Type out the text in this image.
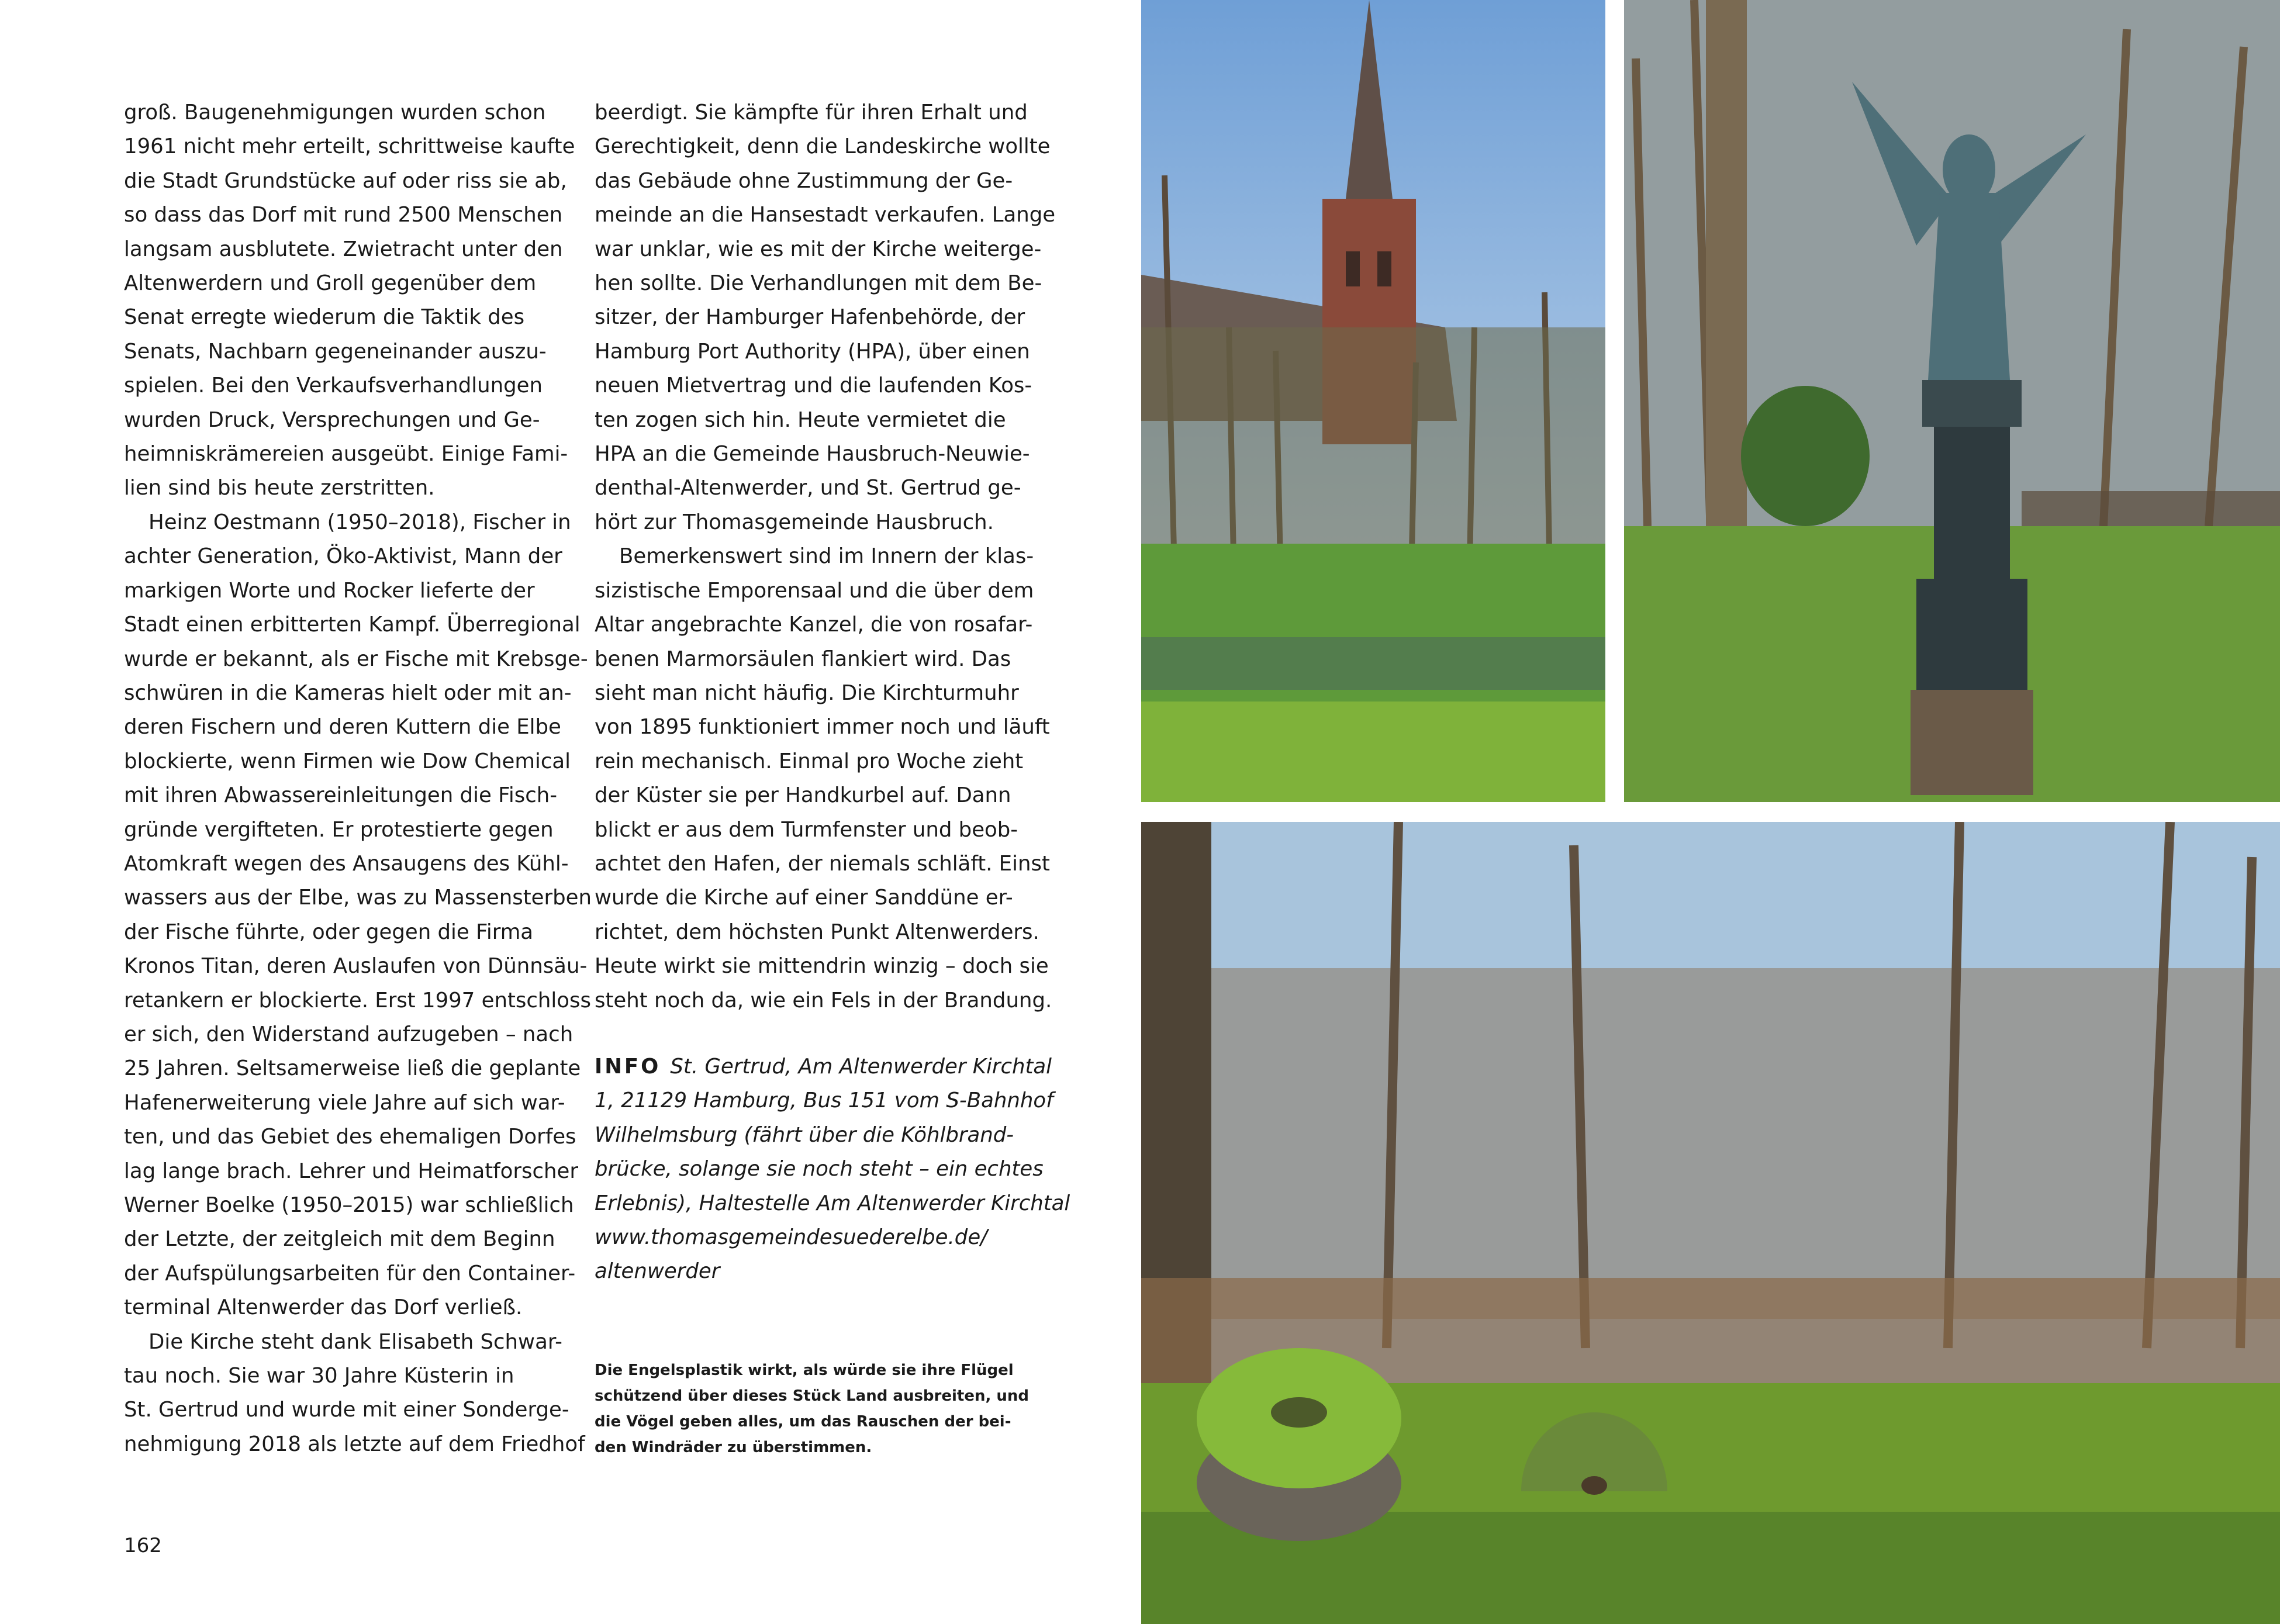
groß. Baugenehmigungen wurden schon
1961 nicht mehr erteilt, schrittweise kaufte
die Stadt Grundstücke auf oder riss sie ab,
so dass das Dorf mit rund 2500 Menschen
langsam ausblutete. Zwietracht unter den
Altenwerdern und Groll gegenüber dem
Senat erregte wiederum die Taktik des
Senats, Nachbarn gegeneinander auszu-
spielen. Bei den Verkaufsverhandlungen
wurden Druck, Versprechungen und Ge-
heimniskrämereien ausgeübt. Einige Fami-
lien sind bis heute zerstritten.

Heinz Oestmann (1950–2018), Fischer in
achter Generation, Öko-Aktivist, Mann der
markigen Worte und Rocker lieferte der
Stadt einen erbitterten Kampf. Überregional
wurde er bekannt, als er Fische mit Krebsge-
schwüren in die Kameras hielt oder mit an-
deren Fischern und deren Kuttern die Elbe
blockierte, wenn Firmen wie Dow Chemical
mit ihren Abwassereinleitungen die Fisch-
gründe vergifteten. Er protestierte gegen
Atomkraft wegen des Ansaugens des Kühl-
wassers aus der Elbe, was zu Massensterben
der Fische führte, oder gegen die Firma
Kronos Titan, deren Auslaufen von Dünnsäu-
retankern er blockierte. Erst 1997 entschloss
er sich, den Widerstand aufzugeben – nach
25 Jahren. Seltsamerweise ließ die geplante
Hafenerweiterung viele Jahre auf sich war-
ten, und das Gebiet des ehemaligen Dorfes
lag lange brach. Lehrer und Heimatforscher
Werner Boelke (1950–2015) war schließlich
der Letzte, der zeitgleich mit dem Beginn
der Aufspülungsarbeiten für den Container-
terminal Altenwerder das Dorf verließ.

Die Kirche steht dank Elisabeth Schwar-
tau noch. Sie war 30 Jahre Küsterin in
St. Gertrud und wurde mit einer Sonderge-
nehmigung 2018 als letzte auf dem Friedhof

beerdigt. Sie kämpfte für ihren Erhalt und
Gerechtigkeit, denn die Landeskirche wollte
das Gebäude ohne Zustimmung der Ge-
meinde an die Hansestadt verkaufen. Lange
war unklar, wie es mit der Kirche weiterge-
hen sollte. Die Verhandlungen mit dem Be-
sitzer, der Hamburger Hafenbehörde, der
Hamburg Port Authority (HPA), über einen
neuen Mietvertrag und die laufenden Kos-
ten zogen sich hin. Heute vermietet die
HPA an die Gemeinde Hausbruch-Neuwie-
denthal-Altenwerder, und St. Gertrud ge-
hört zur Thomasgemeinde Hausbruch.

Bemerkenswert sind im Innern der klas-
sizistische Emporensaal und die über dem
Altar angebrachte Kanzel, die von rosafar-
benen Marmorsäulen flankiert wird. Das
sieht man nicht häufig. Die Kirchturmuhr
von 1895 funktioniert immer noch und läuft
rein mechanisch. Einmal pro Woche zieht
der Küster sie per Handkurbel auf. Dann
blickt er aus dem Turmfenster und beob-
achtet den Hafen, der niemals schläft. Einst
wurde die Kirche auf einer Sanddüne er-
richtet, dem höchsten Punkt Altenwerders.
Heute wirkt sie mittendrin winzig – doch sie
steht noch da, wie ein Fels in der Brandung.

INFO St. Gertrud, Am Altenwerder Kirchtal
1, 21129 Hamburg, Bus 151 vom S-Bahnhof
Wilhelmsburg (fährt über die Köhlbrand-
brücke, solange sie noch steht – ein echtes
Erlebnis), Haltestelle Am Altenwerder Kirchtal
www.thomasgemeindesuederelbe.de/
altenwerder
Die Engelsplastik wirkt, als würde sie ihre Flügel
schützend über dieses Stück Land ausbreiten, und
die Vögel geben alles, um das Rauschen der bei-
den Windräder zu überstimmen.
162
